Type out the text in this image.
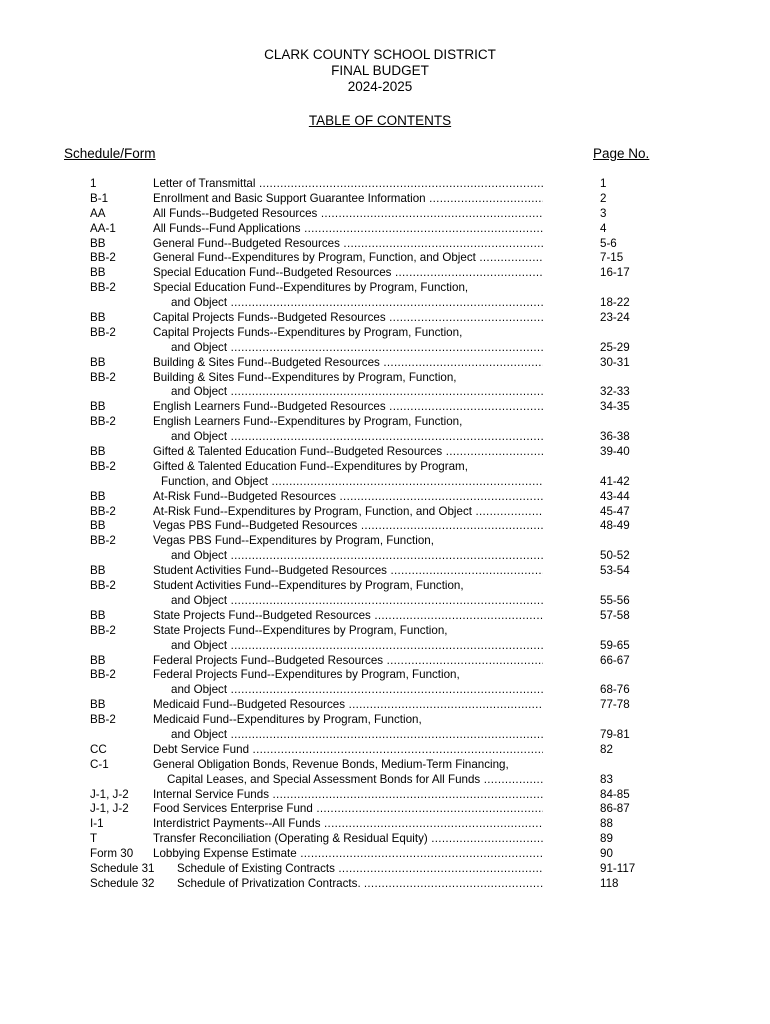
CLARK COUNTY SCHOOL DISTRICT
FINAL BUDGET
2024-2025
TABLE OF CONTENTS
Schedule/Form	Page No.
1	Letter of Transmittal .....	1
B-1	Enrollment and Basic Support Guarantee Information .....	2
AA	All Funds--Budgeted Resources .....	3
AA-1	All Funds--Fund Applications .....	4
BB	General Fund--Budgeted Resources .....	5-6
BB-2	General Fund--Expenditures by Program, Function, and Object .....	7-15
BB	Special Education Fund--Budgeted Resources .....	16-17
BB-2	Special Education Fund--Expenditures by Program, Function,
and Object .....	18-22
BB	Capital Projects Funds--Budgeted Resources .....	23-24
BB-2	Capital Projects Funds--Expenditures by Program, Function,
and Object .....	25-29
BB	Building & Sites Fund--Budgeted Resources .....	30-31
BB-2	Building & Sites Fund--Expenditures by Program, Function,
and Object .....	32-33
BB	English Learners Fund--Budgeted Resources .....	34-35
BB-2	English Learners Fund--Expenditures by Program, Function,
and Object .....	36-38
BB	Gifted & Talented Education Fund--Budgeted Resources .....	39-40
BB-2	Gifted & Talented Education Fund--Expenditures by Program,
Function, and Object .....	41-42
BB	At-Risk Fund--Budgeted Resources .....	43-44
BB-2	At-Risk Fund--Expenditures by Program, Function, and Object .....	45-47
BB	Vegas PBS Fund--Budgeted Resources .....	48-49
BB-2	Vegas PBS Fund--Expenditures by Program, Function,
and Object .....	50-52
BB	Student Activities Fund--Budgeted Resources .....	53-54
BB-2	Student Activities Fund--Expenditures by Program, Function,
and Object .....	55-56
BB	State Projects Fund--Budgeted Resources .....	57-58
BB-2	State Projects Fund--Expenditures by Program, Function,
and Object .....	59-65
BB	Federal Projects Fund--Budgeted Resources .....	66-67
BB-2	Federal Projects Fund--Expenditures by Program, Function,
and Object .....	68-76
BB	Medicaid Fund--Budgeted Resources .....	77-78
BB-2	Medicaid Fund--Expenditures by Program, Function,
and Object .....	79-81
CC	Debt Service Fund .....	82
C-1	General Obligation Bonds, Revenue Bonds, Medium-Term Financing,
Capital Leases, and Special Assessment Bonds for All Funds .....	83
J-1, J-2 Internal Service Funds .....	84-85
J-1, J-2 Food Services Enterprise Fund .....	86-87
I-1	Interdistrict Payments--All Funds .....	88
T	Transfer Reconciliation (Operating & Residual Equity) .....	89
Form 30 Lobbying Expense Estimate .....	90
Schedule 31 Schedule of Existing Contracts .....	91-117
Schedule 32 Schedule of Privatization Contracts. .....	118
